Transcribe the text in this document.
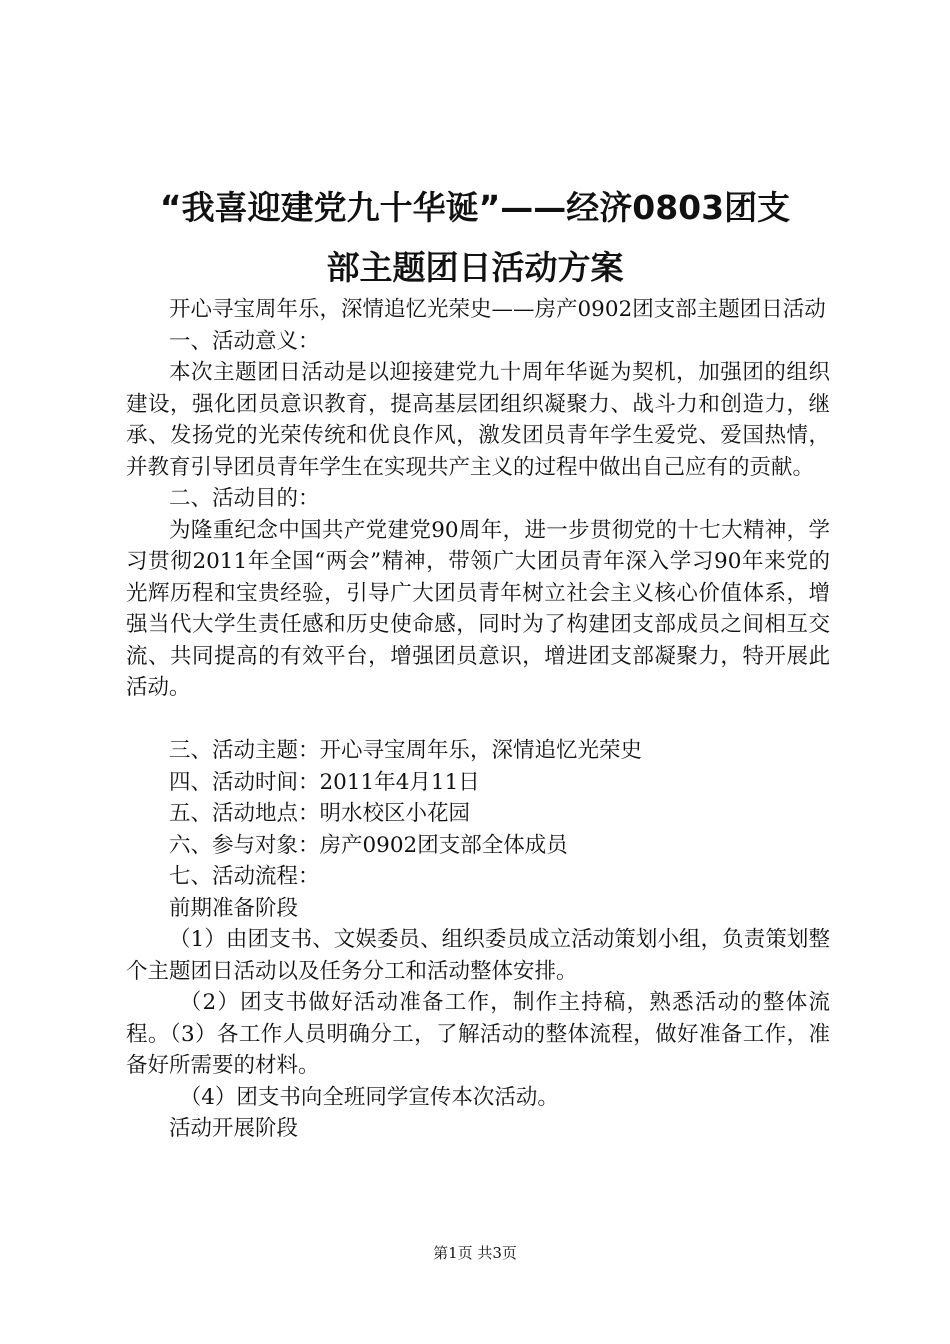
“我喜迎建党九十华诞”——经济0803团支
部主题团日活动方案

开心寻宝周年乐，深情追忆光荣史——房产0902团支部主题团日活动

一、活动意义：

本次主题团日活动是以迎接建党九十周年华诞为契机，加强团的组织建设，强化团员意识教育，提高基层团组织凝聚力、战斗力和创造力，继承、发扬党的光荣传统和优良作风，激发团员青年学生爱党、爱国热情，并教育引导团员青年学生在实现共产主义的过程中做出自己应有的贡献。

二、活动目的：

为隆重纪念中国共产党建党90周年，进一步贯彻党的十七大精神，学习贯彻2011年全国“两会”精神，带领广大团员青年深入学习90年来党的光辉历程和宝贵经验，引导广大团员青年树立社会主义核心价值体系，增强当代大学生责任感和历史使命感，同时为了构建团支部成员之间相互交流、共同提高的有效平台，增强团员意识，增进团支部凝聚力，特开展此活动。

三、活动主题：开心寻宝周年乐，深情追忆光荣史

四、活动时间：2011年4月11日

五、活动地点：明水校区小花园

六、参与对象：房产0902团支部全体成员

七、活动流程：

前期准备阶段

（1）由团支书、文娱委员、组织委员成立活动策划小组，负责策划整个主题团日活动以及任务分工和活动整体安排。

（2）团支书做好活动准备工作，制作主持稿，熟悉活动的整体流程。（3）各工作人员明确分工，了解活动的整体流程，做好准备工作，准备好所需要的材料。

（4）团支书向全班同学宣传本次活动。

活动开展阶段

第1页 共3页
